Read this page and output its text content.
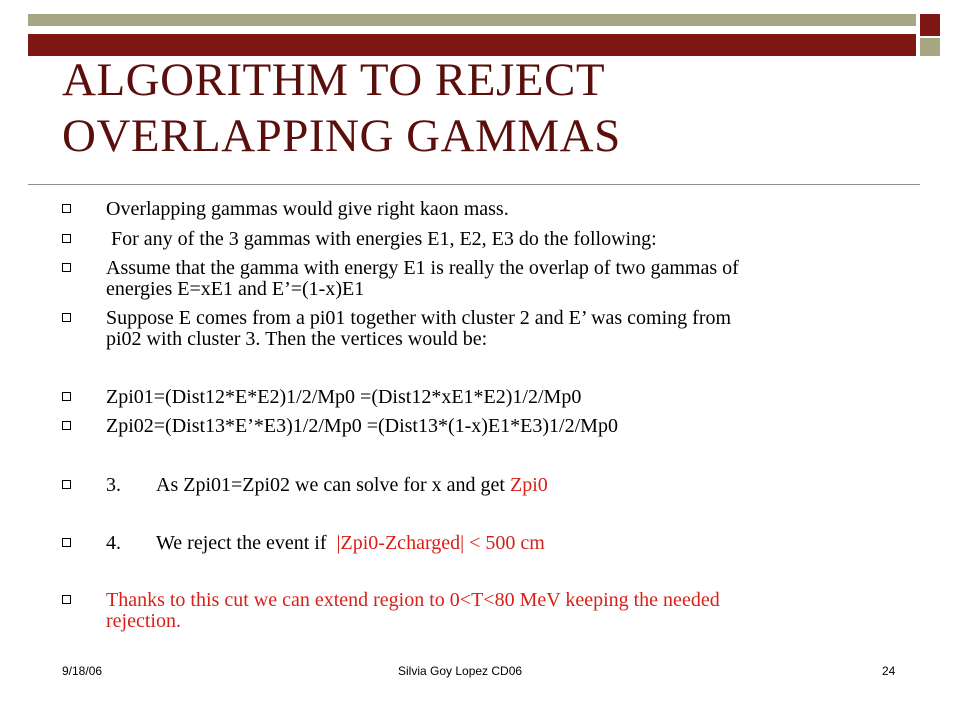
ALGORITHM TO REJECT
OVERLAPPING GAMMAS
Overlapping gammas would give right kaon mass.
For any of the 3 gammas with energies E1, E2, E3 do the following:
Assume that the gamma with energy E1 is really the overlap of two gammas of
energies E=xE1 and E’=(1-x)E1
Suppose E comes from a pi01 together with cluster 2 and E’ was coming from
pi02 with cluster 3. Then the vertices would be:
Zpi01=(Dist12*E*E2)1/2/Mp0 =(Dist12*xE1*E2)1/2/Mp0
Zpi02=(Dist13*E’*E3)1/2/Mp0 =(Dist13*(1-x)E1*E3)1/2/Mp0
3. As Zpi01=Zpi02 we can solve for x and get Zpi0
4. We reject the event if  |Zpi0-Zcharged| < 500 cm
Thanks to this cut we can extend region to 0<T<80 MeV keeping the needed
rejection.
9/18/06	Silvia Goy Lopez CD06	24
